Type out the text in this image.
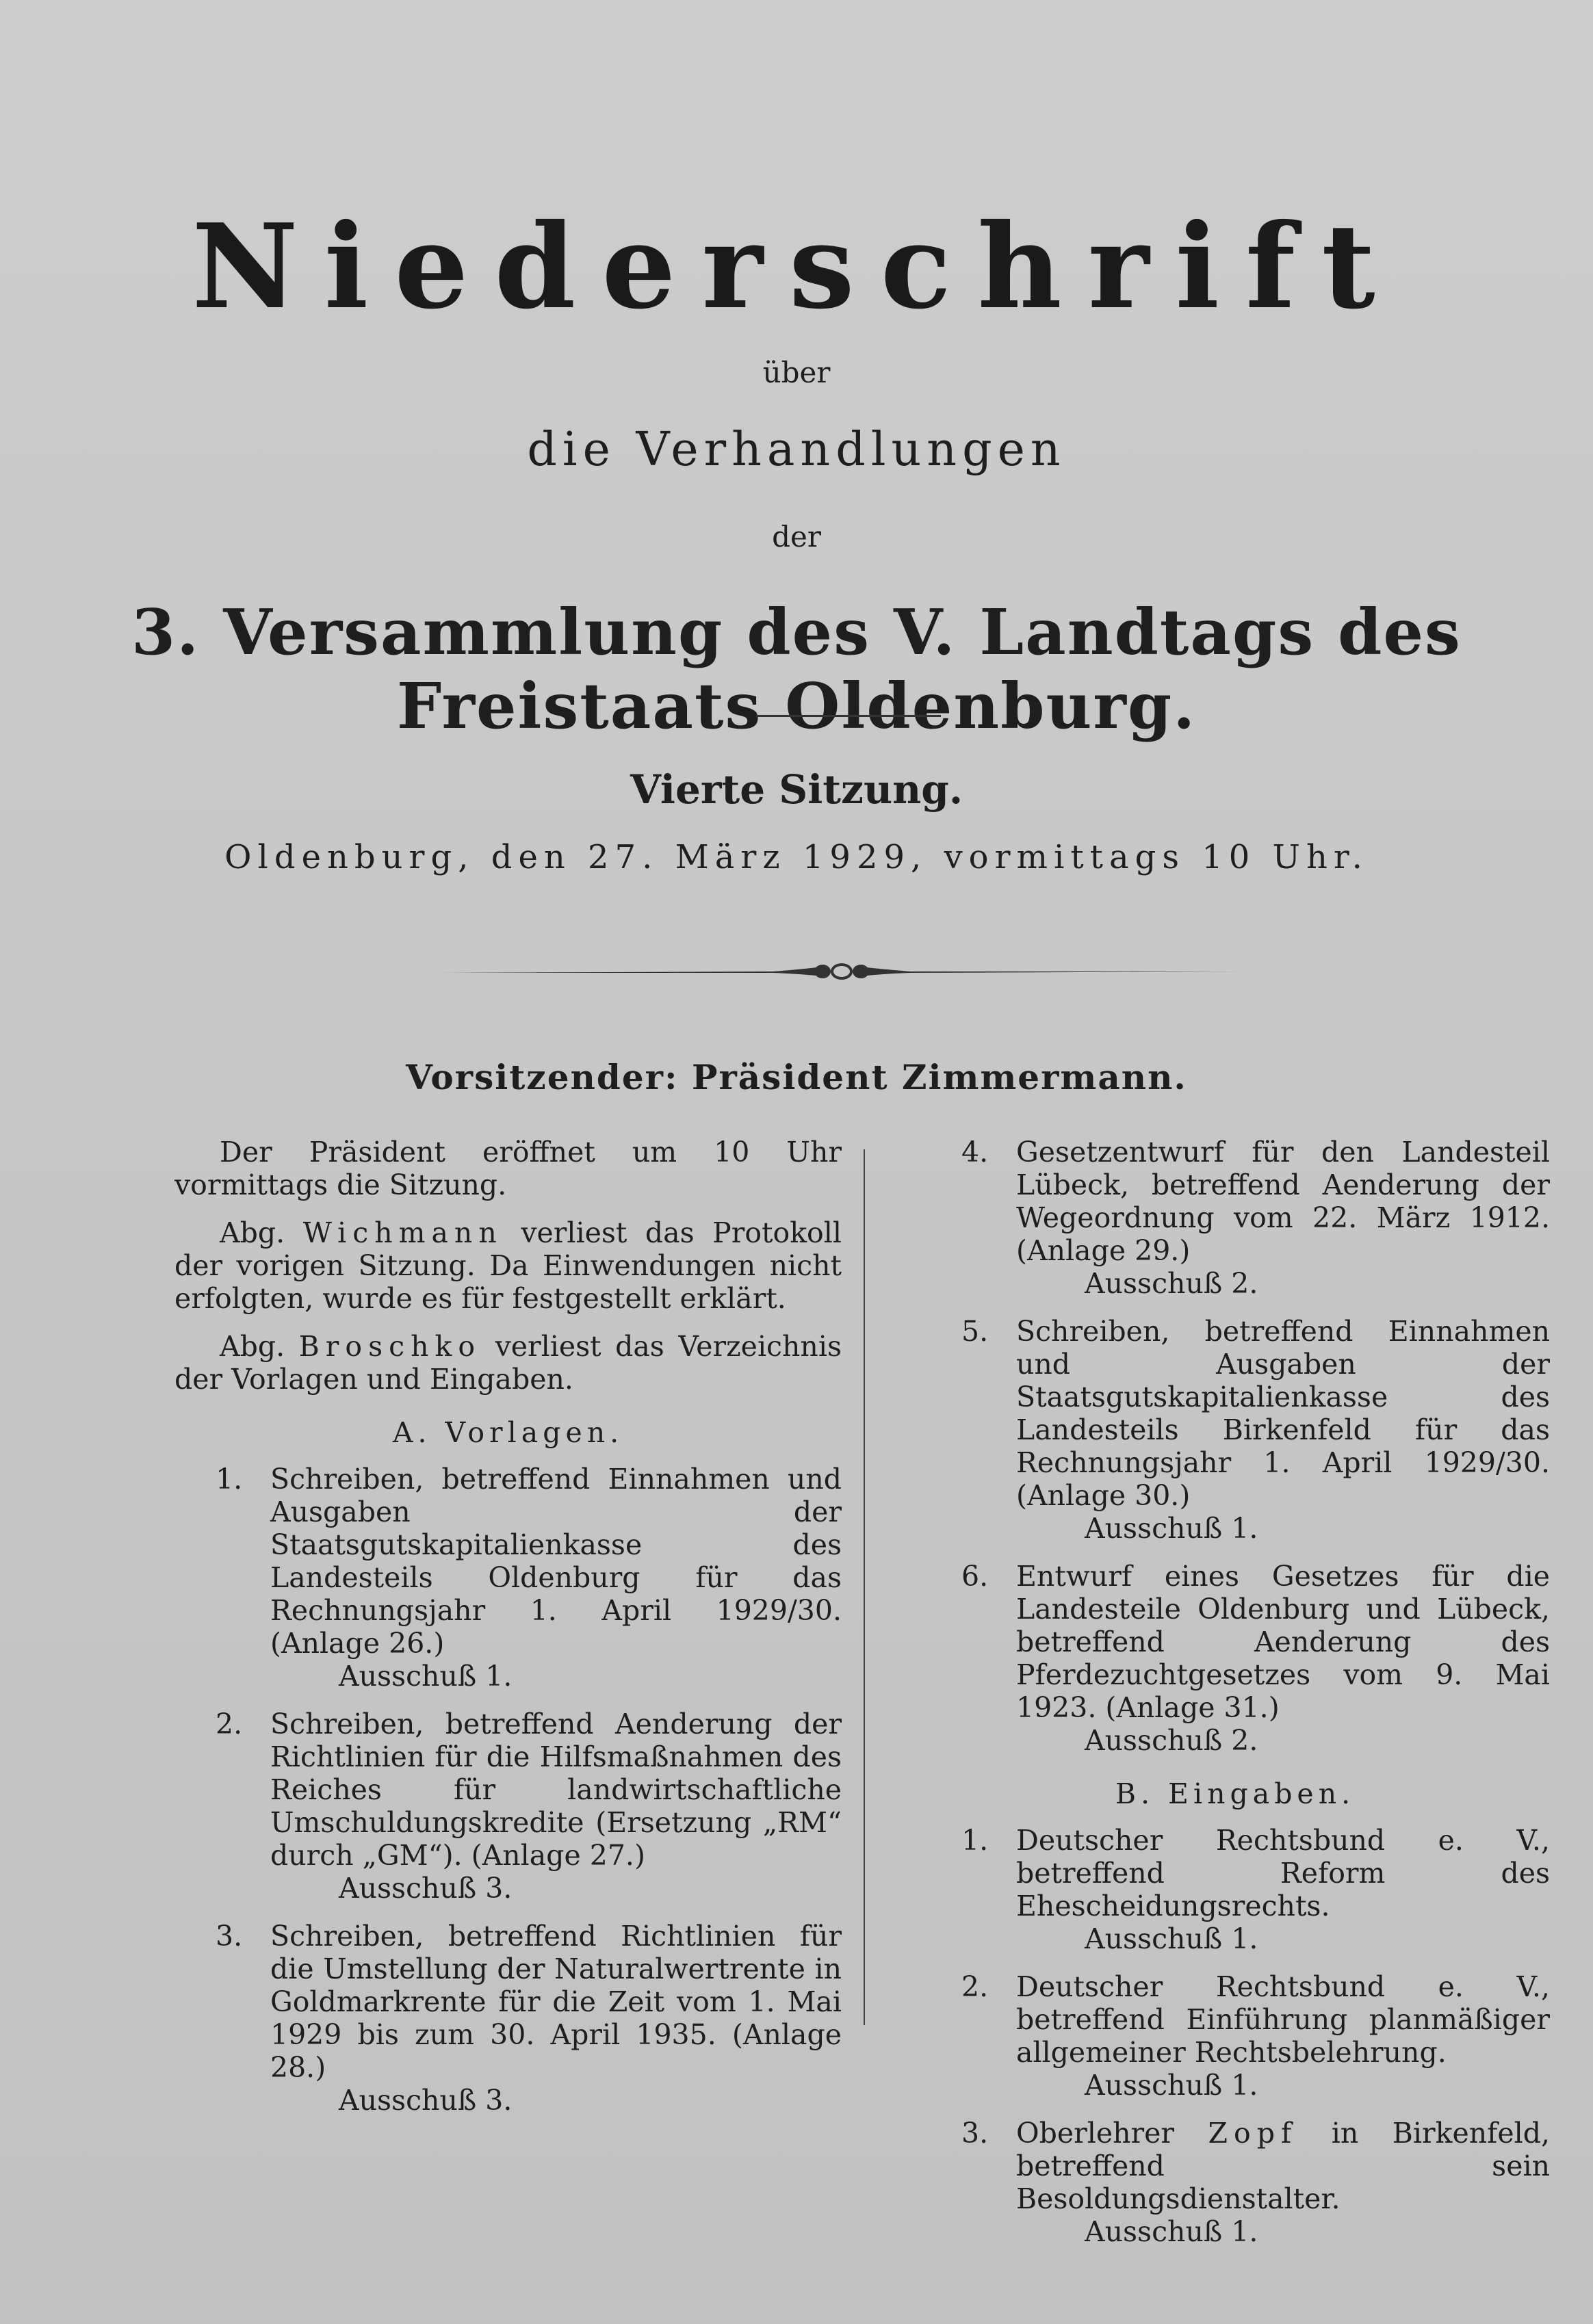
Niederschrift
über
die Verhandlungen
der
3. Versammlung des V. Landtags des Freistaats Oldenburg.
Vierte Sitzung.
Oldenburg, den 27. März 1929, vormittags 10 Uhr.
Vorsitzender: Präsident Zimmermann.

Der Präsident eröffnet um 10 Uhr vormittags die Sitzung.

Abg. Wichmann verliest das Protokoll der vorigen Sitzung. Da Einwendungen nicht erfolgten, wurde es für festgestellt erklärt.

Abg. Broschko verliest das Verzeichnis der Vorlagen und Eingaben.

A. Vorlagen.
1. Schreiben, betreffend Einnahmen und Ausgaben der Staatsgutskapitalienkasse des Landesteils Oldenburg für das Rechnungsjahr 1. April 1929/30. (Anlage 26.)
Ausschuß 1.
2. Schreiben, betreffend Aenderung der Richtlinien für die Hilfsmaßnahmen des Reiches für landwirtschaftliche Umschuldungskredite (Ersetzung „RM“ durch „GM“). (Anlage 27.)
Ausschuß 3.
3. Schreiben, betreffend Richtlinien für die Umstellung der Naturalwertrente in Goldmarkrente für die Zeit vom 1. Mai 1929 bis zum 30. April 1935. (Anlage 28.)
Ausschuß 3.
4. Gesetzentwurf für den Landesteil Lübeck, betreffend Aenderung der Wegeordnung vom 22. März 1912. (Anlage 29.)
Ausschuß 2.
5. Schreiben, betreffend Einnahmen und Ausgaben der Staatsgutskapitalienkasse des Landesteils Birkenfeld für das Rechnungsjahr 1. April 1929/30. (Anlage 30.)
Ausschuß 1.
6. Entwurf eines Gesetzes für die Landesteile Oldenburg und Lübeck, betreffend Aenderung des Pferdezuchtgesetzes vom 9. Mai 1923. (Anlage 31.)
Ausschuß 2.
B. Eingaben.
1. Deutscher Rechtsbund e. V., betreffend Reform des Ehescheidungsrechts.
Ausschuß 1.
2. Deutscher Rechtsbund e. V., betreffend Einführung planmäßiger allgemeiner Rechtsbelehrung.
Ausschuß 1.
3. Oberlehrer Zopf in Birkenfeld, betreffend sein Besoldungsdienstalter.
Ausschuß 1.
